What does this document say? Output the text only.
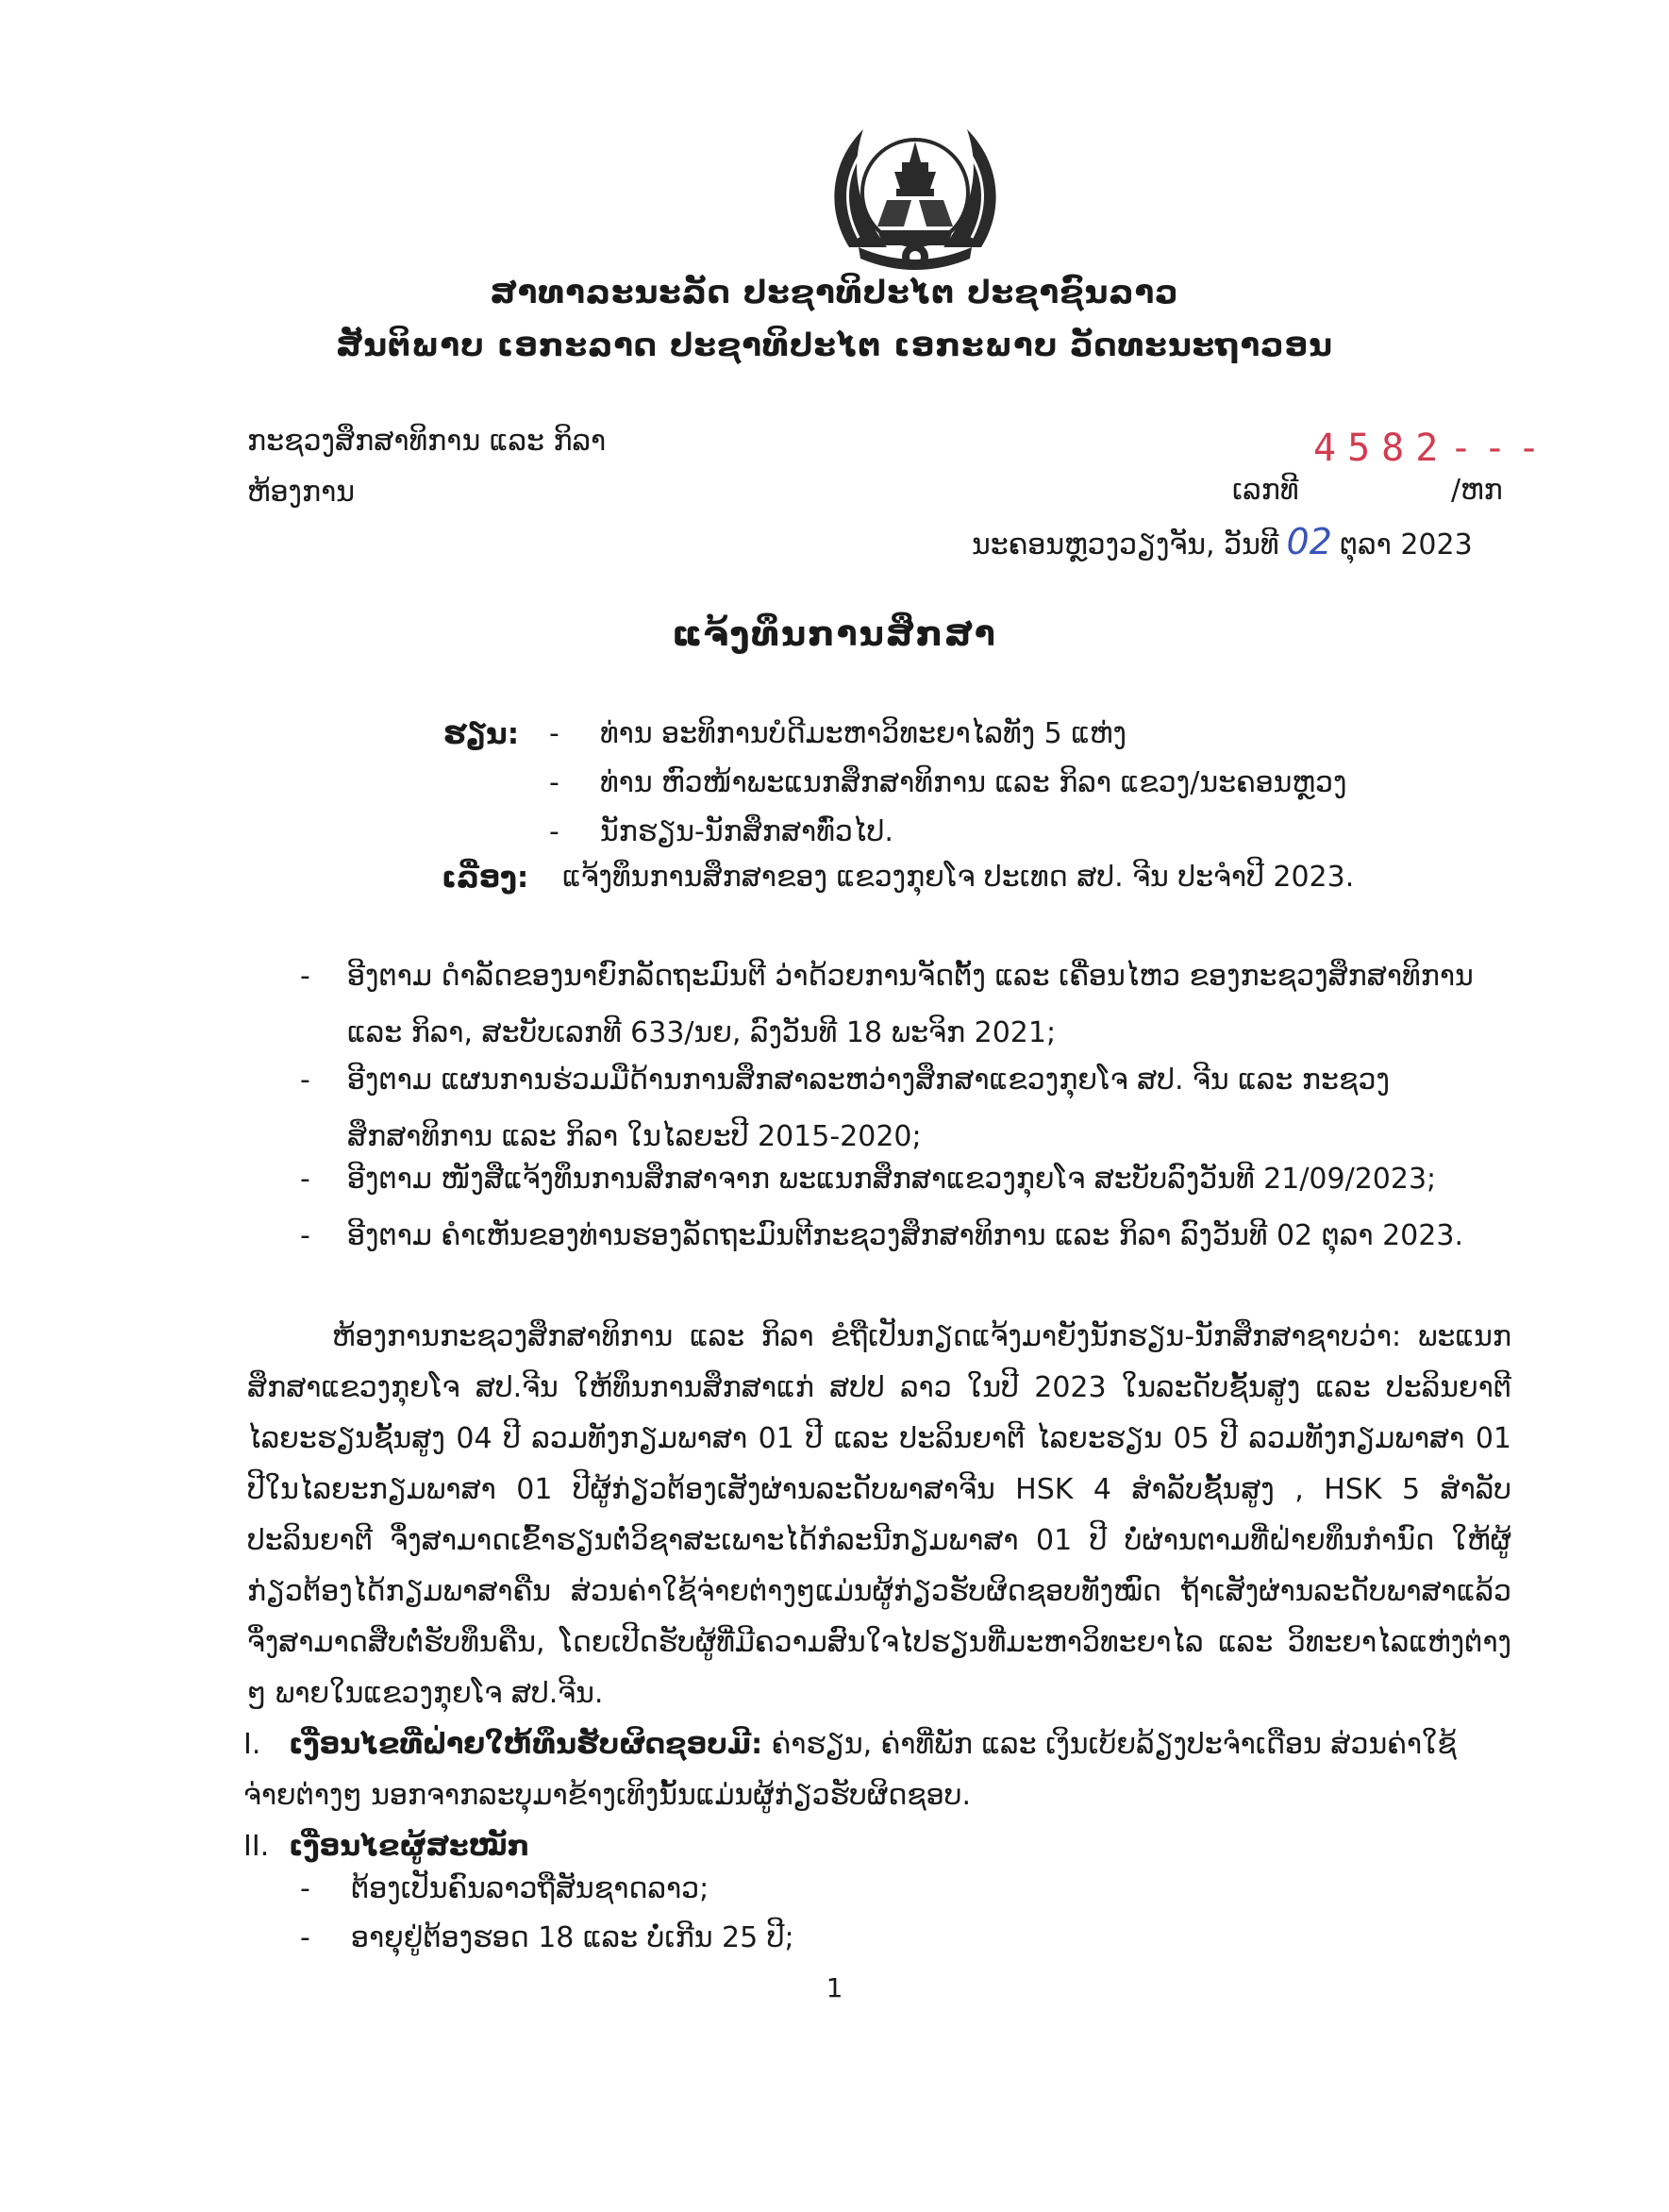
ສາທາລະນະລັດ ປະຊາທິປະໄຕ ປະຊາຊົນລາວ
ສັນຕິພາບ ເອກະລາດ ປະຊາທິປະໄຕ ເອກະພາບ ວັດທະນະຖາວອນ
ກະຊວງສຶກສາທິການ ແລະ ກິລາ
ຫ້ອງການ	ເລກທີ
4582---
/ຫກ
ນະຄອນຫຼວງວຽງຈັນ, ວັນທີ 02 ຕຸລາ 2023
ແຈ້ງທຶນການສຶກສາ
ຮຽນ: - ທ່ານ ອະທິການບໍດີມະຫາວິທະຍາໄລທັງ 5 ແຫ່ງ
- ທ່ານ ຫົວໜ້າພະແນກສຶກສາທິການ ແລະ ກິລາ ແຂວງ/ນະຄອນຫຼວງ
- ນັກຮຽນ-ນັກສຶກສາທົ່ວໄປ.
ເລື່ອງ: ແຈ້ງທຶນການສຶກສາຂອງ ແຂວງກຸຍໂຈ ປະເທດ ສປ. ຈີນ ປະຈໍາປີ 2023.
-	ອີງຕາມ ດໍາລັດຂອງນາຍົກລັດຖະມົນຕີ ວ່າດ້ວຍການຈັດຕັ້ງ ແລະ ເຄື່ອນໄຫວ ຂອງກະຊວງສຶກສາທິການ ແລະ ກິລາ, ສະບັບເລກທີ 633/ນຍ, ລົງວັນທີ 18 ພະຈິກ 2021;
-	ອີງຕາມ ແຜນການຮ່ວມມືດ້ານການສຶກສາລະຫວ່າງສຶກສາແຂວງກຸຍໂຈ ສປ. ຈີນ ແລະ ກະຊວງສຶກສາທິການ ແລະ ກິລາ ໃນໄລຍະປີ 2015-2020;
-	ອີງຕາມ ໜັງສືແຈ້ງທຶນການສຶກສາຈາກ ພະແນກສຶກສາແຂວງກຸຍໂຈ ສະບັບລົງວັນທີ 21/09/2023;
-	ອີງຕາມ ຄໍາເຫັນຂອງທ່ານຮອງລັດຖະມົນຕີກະຊວງສຶກສາທິການ ແລະ ກິລາ ລົງວັນທີ 02 ຕຸລາ 2023.
ຫ້ອງການກະຊວງສຶກສາທິການ ແລະ ກິລາ ຂໍຖືເປັນກຽດແຈ້ງມາຍັງນັກຮຽນ-ນັກສຶກສາຊາບວ່າ: ພະແນກສຶກສາແຂວງກຸຍໂຈ ສປ.ຈີນ ໃຫ້ທຶນການສຶກສາແກ່ ສປປ ລາວ ໃນປີ 2023 ໃນລະດັບຊັ້ນສູງ ແລະ ປະລິນຍາຕີ ໄລຍະຮຽນຊັ້ນສູງ 04 ປີ ລວມທັງກຽມພາສາ 01 ປີ ແລະ ປະລິນຍາຕີ ໄລຍະຮຽນ 05 ປີ ລວມທັງກຽມພາສາ 01 ປີໃນໄລຍະກຽມພາສາ 01 ປີຜູ້ກ່ຽວຕ້ອງເສັງຜ່ານລະດັບພາສາຈີນ HSK 4 ສໍາລັບຊັ້ນສູງ , HSK 5 ສໍາລັບປະລິນຍາຕີ ຈຶ່ງສາມາດເຂົ້າຮຽນຕໍ່ວິຊາສະເພາະໄດ້ກໍລະນີກຽມພາສາ 01 ປີ ບໍ່ຜ່ານຕາມທີ່ຝ່າຍທຶນກໍານົດ ໃຫ້ຜູ້ກ່ຽວຕ້ອງໄດ້ກຽມພາສາຄືນ ສ່ວນຄ່າໃຊ້ຈ່າຍຕ່າງໆແມ່ນຜູ້ກ່ຽວຮັບຜິດຊອບທັງໝົດ ຖ້າເສັງຜ່ານລະດັບພາສາແລ້ວ ຈຶ່ງສາມາດສືບຕໍ່ຮັບທຶນຄືນ, ໂດຍເປີດຮັບຜູ້ທີ່ມີຄວາມສົນໃຈໄປຮຽນທີ່ມະຫາວິທະຍາໄລ ແລະ ວິທະຍາໄລແຫ່ງຕ່າງໆ ພາຍໃນແຂວງກຸຍໂຈ ສປ.ຈີນ.
I. ເງື່ອນໄຂທີ່ຝ່າຍໃຫ້ທຶນຮັບຜິດຊອບມີ: ຄ່າຮຽນ, ຄ່າທີ່ພັກ ແລະ ເງິນເບ້ຍລ້ຽງປະຈໍາເດືອນ ສ່ວນຄ່າໃຊ້ຈ່າຍຕ່າງໆ ນອກຈາກລະບຸມາຂ້າງເທິງນັ້ນແມ່ນຜູ້ກ່ຽວຮັບຜິດຊອບ.
II. ເງື່ອນໄຂຜູ້ສະໝັກ
- ຕ້ອງເປັນຄົນລາວຖືສັນຊາດລາວ;
- ອາຍຸຢູ່ຕ້ອງຮອດ 18 ແລະ ບໍ່ເກີນ 25 ປີ;
1
